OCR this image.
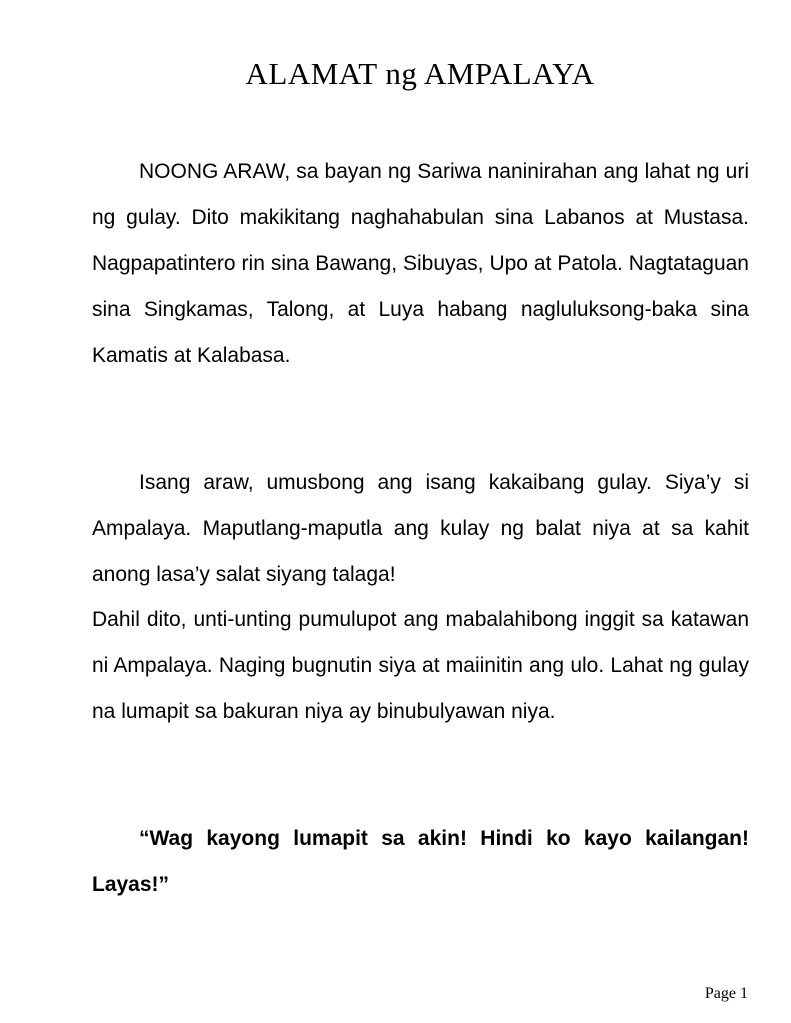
ALAMAT ng AMPALAYA

NOONG ARAW, sa bayan ng Sariwa naninirahan ang lahat ng uri ng gulay. Dito makikitang naghahabulan sina Labanos at Mustasa. Nagpapatintero rin sina Bawang, Sibuyas, Upo at Patola. Nagtataguan sina Singkamas, Talong, at Luya habang nagluluksong-baka sina Kamatis at Kalabasa.

Isang araw, umusbong ang isang kakaibang gulay. Siya’y si Ampalaya. Maputlang-maputla ang kulay ng balat niya at sa kahit anong lasa’y salat siyang talaga!

Dahil dito, unti-unting pumulupot ang mabalahibong inggit sa katawan ni Ampalaya. Naging bugnutin siya at maiinitin ang ulo. Lahat ng gulay na lumapit sa bakuran niya ay binubulyawan niya.

“Wag kayong lumapit sa akin! Hindi ko kayo kailangan! Layas!”

Page 1
